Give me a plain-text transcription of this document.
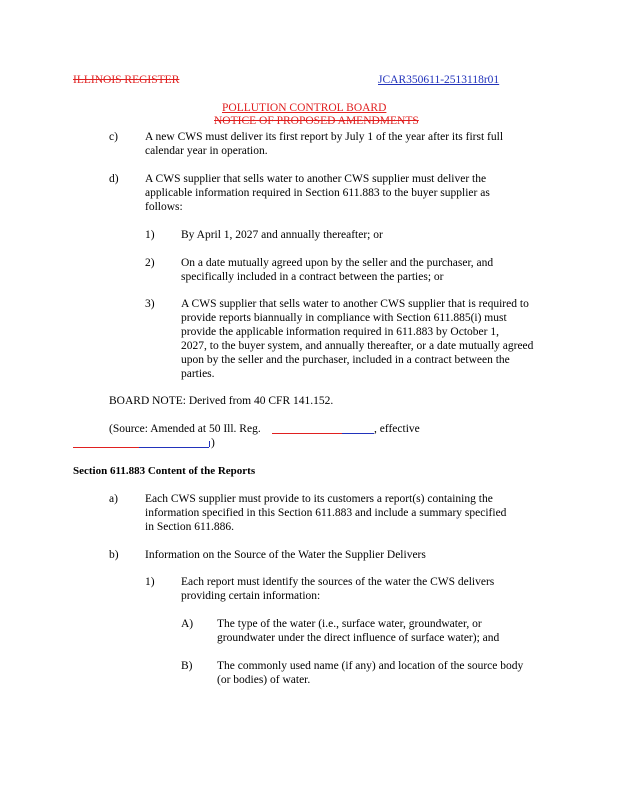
ILLINOIS REGISTER	JCAR350611-2513118r01
POLLUTION CONTROL BOARD
NOTICE OF PROPOSED AMENDMENTS
c) A new CWS must deliver its first report by July 1 of the year after its first full
calendar year in operation.
d) A CWS supplier that sells water to another CWS supplier must deliver the
applicable information required in Section 611.883 to the buyer supplier as
follows:
1) By April 1, 2027 and annually thereafter; or
2) On a date mutually agreed upon by the seller and the purchaser, and
specifically included in a contract between the parties; or
3) A CWS supplier that sells water to another CWS supplier that is required to
provide reports biannually in compliance with Section 611.885(i) must
provide the applicable information required in 611.883 by October 1,
2027, to the buyer system, and annually thereafter, or a date mutually agreed
upon by the seller and the purchaser, included in a contract between the
parties.
BOARD NOTE: Derived from 40 CFR 141.152.
(Source: Amended at 50 Ill. Reg.	, effective
)
Section 611.883 Content of the Reports
a) Each CWS supplier must provide to its customers a report(s) containing the
information specified in this Section 611.883 and include a summary specified
in Section 611.886.
b) Information on the Source of the Water the Supplier Delivers
1) Each report must identify the sources of the water the CWS delivers
providing certain information:
A) The type of the water (i.e., surface water, groundwater, or
groundwater under the direct influence of surface water); and
B) The commonly used name (if any) and location of the source body
(or bodies) of water.
